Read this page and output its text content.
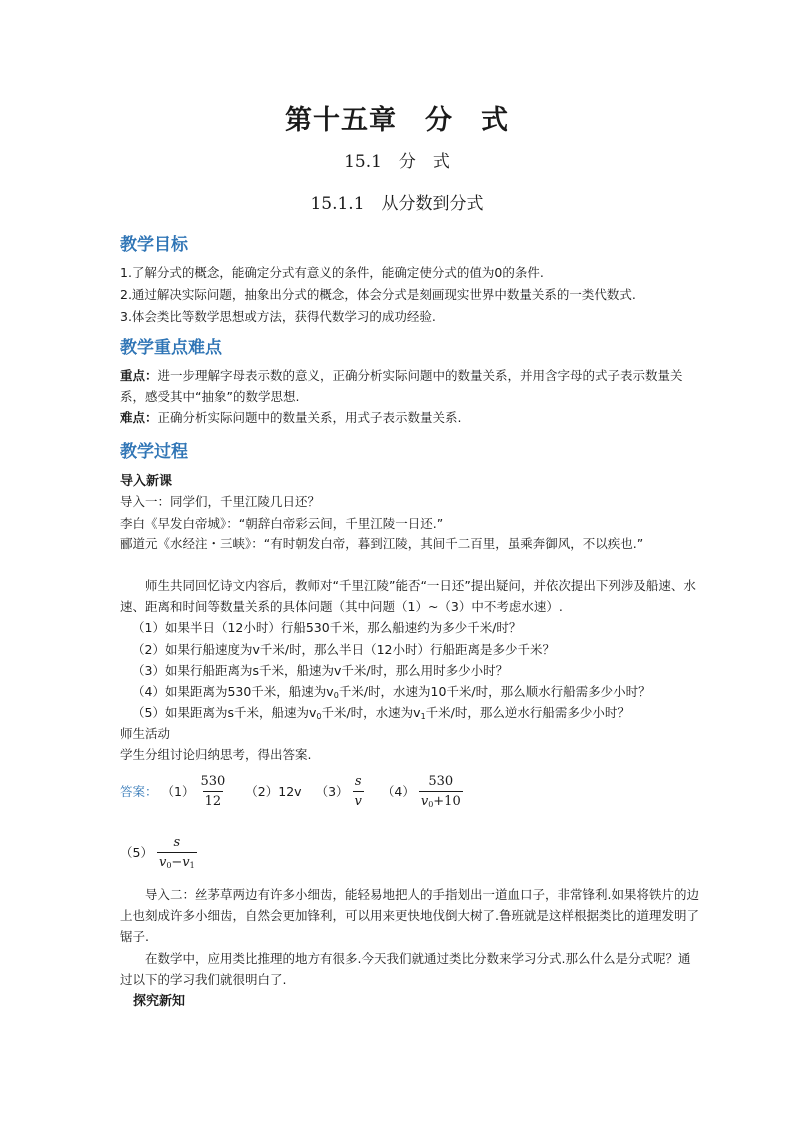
第十五章　分　式
15.1　分　式
15.1.1　从分数到分式
教学目标
1.了解分式的概念，能确定分式有意义的条件，能确定使分式的值为0的条件.
2.通过解决实际问题，抽象出分式的概念，体会分式是刻画现实世界中数量关系的一类代数式.
3.体会类比等数学思想或方法，获得代数学习的成功经验.
教学重点难点
重点：进一步理解字母表示数的意义，正确分析实际问题中的数量关系，并用含字母的式子表示数量关系，感受其中“抽象”的数学思想.
难点：正确分析实际问题中的数量关系，用式子表示数量关系.
教学过程
导入新课
导入一：同学们，千里江陵几日还？
李白《早发白帝城》：“朝辞白帝彩云间，千里江陵一日还.”
郦道元《水经注・三峡》：“有时朝发白帝，暮到江陵，其间千二百里，虽乘奔御风，不以疾也.”
师生共同回忆诗文内容后，教师对“千里江陵”能否“一日还”提出疑问，并依次提出下列涉及船速、水速、距离和时间等数量关系的具体问题（其中问题（1）~（3）中不考虑水速）.
（1）如果半日（12小时）行船530千米，那么船速约为多少千米/时？
（2）如果行船速度为v千米/时，那么半日（12小时）行船距离是多少千米？
（3）如果行船距离为s千米，船速为v千米/时，那么用时多少小时？
（4）如果距离为530千米，船速为v0千米/时，水速为10千米/时，那么顺水行船需多少小时？
（5）如果距离为s千米，船速为v0千米/时，水速为v1千米/时，那么逆水行船需多少小时？
师生活动
学生分组讨论归纳思考，得出答案.
答案： $(1) \frac{530}{12} (2)12v$ $(3) \frac{s}{v} (4) \frac{530}{v0+10}$
$(5) \frac{s}{v0-v1}$
导入二：丝茅草两边有许多小细齿，能轻易地把人的手指划出一道血口子，非常锋利.如果将铁片的边上也刻成许多小细齿，自然会更加锋利，可以用来更快地伐倒大树了.鲁班就是这样根据类比的道理发明了锯子.
在数学中，应用类比推理的地方有很多.今天我们就通过类比分数来学习分式.那么什么是分式呢？通过以下的学习我们就很明白了.
探究新知
